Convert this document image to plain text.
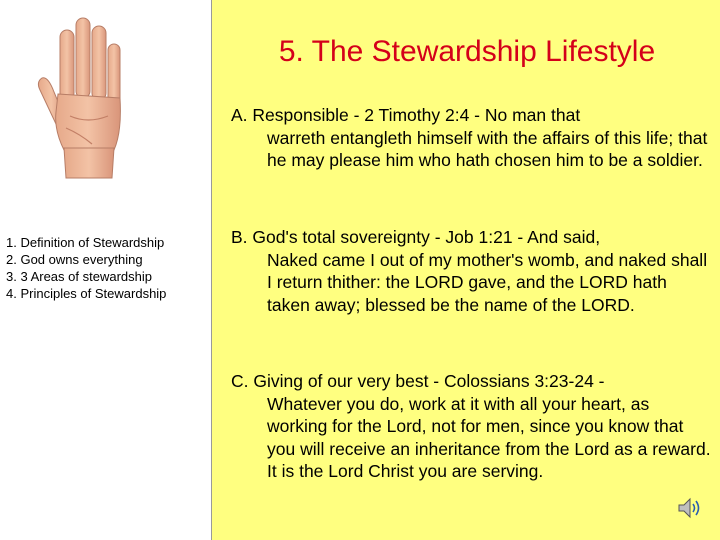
1. Definition of Stewardship
2. God owns everything
3. 3 Areas of stewardship
4. Principles of Stewardship
5. The Stewardship Lifestyle

A. Responsible - 2 Timothy 2:4 - No man that
warreth entangleth himself with the affairs of this life; that he may please him who hath chosen him to be a soldier.

B. God's total sovereignty - Job 1:21 - And said,
Naked came I out of my mother's womb, and naked shall I return thither: the LORD gave, and the LORD hath taken away; blessed be the name of the LORD.

C. Giving of our very best - Colossians 3:23-24 -
Whatever you do, work at it with all your heart, as working for the Lord, not for men, since you know that you will receive an inheritance from the Lord as a reward. It is the Lord Christ you are serving.
